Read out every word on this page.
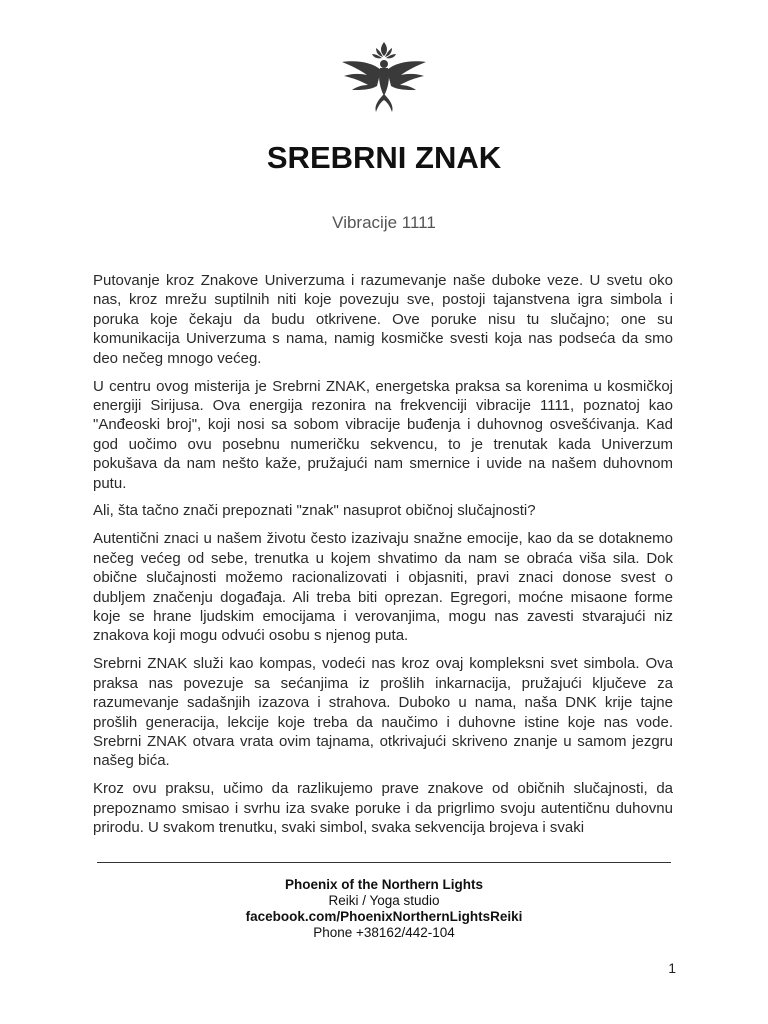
SREBRNI ZNAK
Vibracije 1111

Putovanje kroz Znakove Univerzuma i razumevanje naše duboke veze. U svetu oko nas, kroz mrežu suptilnih niti koje povezuju sve, postoji tajanstvena igra simbola i poruka koje čekaju da budu otkrivene. Ove poruke nisu tu slučajno; one su komunikacija Univerzuma s nama, namig kosmičke svesti koja nas podseća da smo deo nečeg mnogo većeg.

U centru ovog misterija je Srebrni ZNAK, energetska praksa sa korenima u kosmičkoj energiji Sirijusa. Ova energija rezonira na frekvenciji vibracije 1111, poznatoj kao "Anđeoski broj", koji nosi sa sobom vibracije buđenja i duhovnog osvešćivanja. Kad god uočimo ovu posebnu numeričku sekvencu, to je trenutak kada Univerzum pokušava da nam nešto kaže, pružajući nam smernice i uvide na našem duhovnom putu.

Ali, šta tačno znači prepoznati "znak" nasuprot običnoj slučajnosti?

Autentični znaci u našem životu često izazivaju snažne emocije, kao da se dotaknemo nečeg većeg od sebe, trenutka u kojem shvatimo da nam se obraća viša sila. Dok obične slučajnosti možemo racionalizovati i objasniti, pravi znaci donose svest o dubljem značenju događaja. Ali treba biti oprezan. Egregori, moćne misaone forme koje se hrane ljudskim emocijama i verovanjima, mogu nas zavesti stvarajući niz znakova koji mogu odvući osobu s njenog puta.

Srebrni ZNAK služi kao kompas, vodeći nas kroz ovaj kompleksni svet simbola. Ova praksa nas povezuje sa sećanjima iz prošlih inkarnacija, pružajući ključeve za razumevanje sadašnjih izazova i strahova. Duboko u nama, naša DNK krije tajne prošlih generacija, lekcije koje treba da naučimo i duhovne istine koje nas vode. Srebrni ZNAK otvara vrata ovim tajnama, otkrivajući skriveno znanje u samom jezgru našeg bića.

Kroz ovu praksu, učimo da razlikujemo prave znakove od običnih slučajnosti, da prepoznamo smisao i svrhu iza svake poruke i da prigrlimo svoju autentičnu duhovnu prirodu. U svakom trenutku, svaki simbol, svaka sekvencija brojeva i svaki

Phoenix of the Northern Lights
Reiki / Yoga studio
facebook.com/PhoenixNorthernLightsReiki
Phone +38162/442-104
1
